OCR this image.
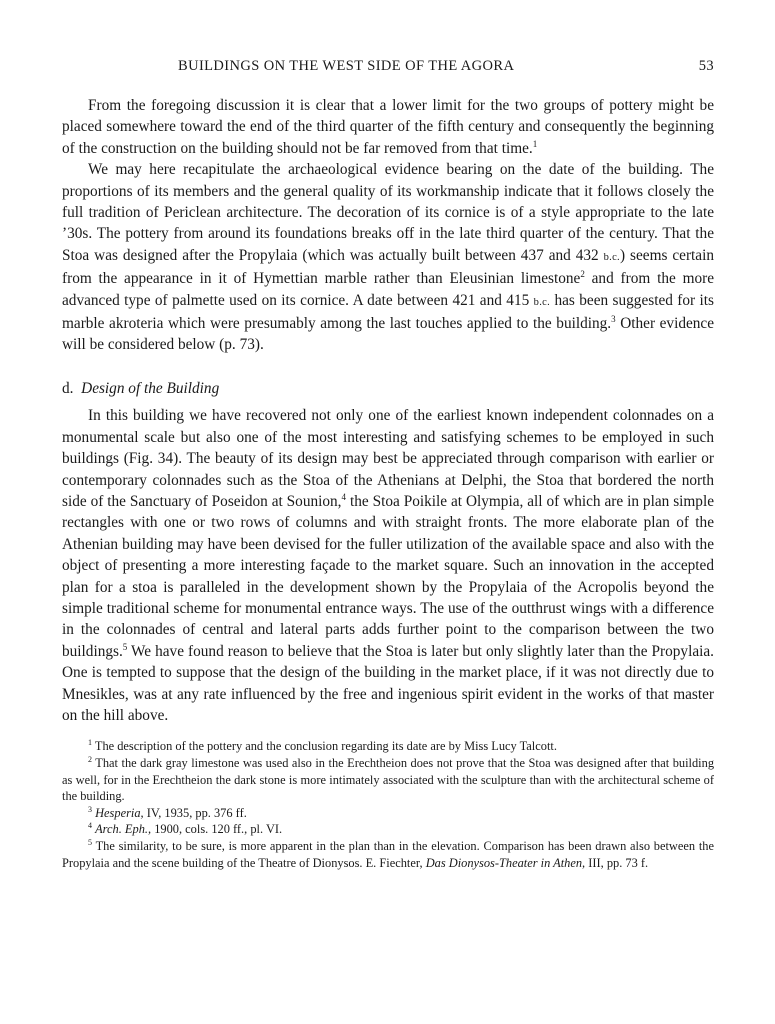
BUILDINGS ON THE WEST SIDE OF THE AGORA	53

From the foregoing discussion it is clear that a lower limit for the two groups of pottery might be placed somewhere toward the end of the third quarter of the fifth century and consequently the beginning of the construction on the building should not be far removed from that time.$^1$

We may here recapitulate the archaeological evidence bearing on the date of the building. The proportions of its members and the general quality of its workmanship indicate that it follows closely the full tradition of Periclean architecture. The decoration of its cornice is of a style appropriate to the late ’30s. The pottery from around its foundations breaks off in the late third quarter of the century. That the Stoa was designed after the Propylaia (which was actually built between 437 and 432 b.c.) seems certain from the appearance in it of Hymettian marble rather than Eleusinian limestone$^2$ and from the more advanced type of palmette used on its cornice. A date between 421 and 415 b.c. has been suggested for its marble akroteria which were presumably among the last touches applied to the building.$^3$ Other evidence will be considered below (p. 73).

d. Design of the Building

In this building we have recovered not only one of the earliest known independent colonnades on a monumental scale but also one of the most interesting and satisfying schemes to be employed in such buildings (Fig. 34). The beauty of its design may best be appreciated through comparison with earlier or contemporary colonnades such as the Stoa of the Athenians at Delphi, the Stoa that bordered the north side of the Sanctuary of Poseidon at Sounion,$^4$ the Stoa Poikile at Olympia, all of which are in plan simple rectangles with one or two rows of columns and with straight fronts. The more elaborate plan of the Athenian building may have been devised for the fuller utilization of the available space and also with the object of presenting a more interesting façade to the market square. Such an innovation in the accepted plan for a stoa is paralleled in the development shown by the Propylaia of the Acropolis beyond the simple traditional scheme for monumental entrance ways. The use of the outthrust wings with a difference in the colonnades of central and lateral parts adds further point to the comparison between the two buildings.$^5$ We have found reason to believe that the Stoa is later but only slightly later than the Propylaia. One is tempted to suppose that the design of the building in the market place, if it was not directly due to Mnesikles, was at any rate influenced by the free and ingenious spirit evident in the works of that master on the hill above.

$^1$ The description of the pottery and the conclusion regarding its date are by Miss Lucy Talcott.

$^2$ That the dark gray limestone was used also in the Erechtheion does not prove that the Stoa was designed after that building as well, for in the Erechtheion the dark stone is more intimately associated with the sculpture than with the architectural scheme of the building.

$^3$ Hesperia, IV, 1935, pp. 376 ff.

$^4$ Arch. Eph., 1900, cols. 120 ff., pl. VI.

$^5$ The similarity, to be sure, is more apparent in the plan than in the elevation. Comparison has been drawn also between the Propylaia and the scene building of the Theatre of Dionysos. E. Fiechter, Das Dionysos-Theater in Athen, III, pp. 73 f.
